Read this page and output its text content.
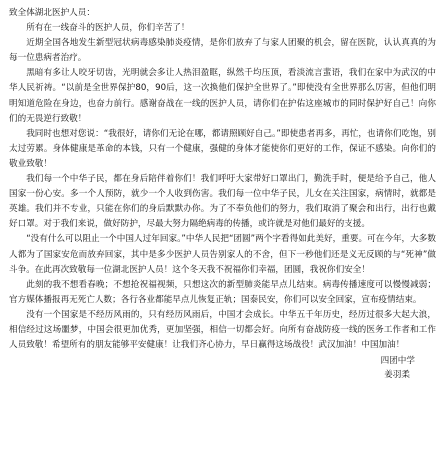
致全体湖北医护人员：

所有在一线奋斗的医护人员，你们辛苦了！

近期全国各地发生新型冠状病毒感染肺炎疫情，是你们放弃了与家人团聚的机会，留在医院，认认真真的为每一位患病者治疗。

黑暗有多让人咬牙切齿，光明就会多让人热泪盈眶，纵然千均压顶，看淡流言蜚语，我们在家中为武汉的中华人民祈祷。“以前是全世界保护80，90后，这一次换他们保护全世界了。”即使没有全世界那么厉害，但他们明明知道危险在身边，也奋力前行。感谢奋战在一线的医护人员，请你们在护佑这座城市的同时保护好自己！向你们的无畏逆行致敬！

我同时也想对您说：“我很好，请你们无论在哪，都请照顾好自己。”即使患者再多，再忙，也请你们吃饱，别太过劳累。身体健康是革命的本钱，只有一个健康，强健的身体才能使你们更好的工作，保证不感染。向你们的敬业致敬！

我们每一个中华子民，都在身后陪伴着你们！我们呼吁大家带好口罩出门，勤洗手时，便是给予自己，他人 国家一份心安。多一个人预防，就少一个人收到伤害。我们每一位中华子民，儿女在关注国家，病情时，就都是英雄。我们并不专业，只能在你们的身后默默办你。为了不奉负他们的努力，我们取消了聚会和出行，出行也戴好口罩。对于我们来说，做好防护，尽最大努力隔绝病毒的传播，或许就是对他们最好的支援。

“没有什么可以阻止一个中国人过年回家。”中华人民把“团圆”两个字看得如此美好，重要。可在今年，大多数人都为了国家安危而放弃回家，其中是多少医护人员告别家人的不舍，但下一秒他们还是义无反顾的与“死神”做斗争。在此再次致敬每一位湖北医护人员！这个冬天我不祝福你们幸福，团圆，我祝你们安全！

此刻的我不想看春晚；不想抢祝福视频，只想这次的新型肺炎能早点儿结束。病毒传播速度可以慢慢减弱；官方媒体播报再无死亡人数；各行各业都能早点儿恢复正轨；国泰民安，你们可以安全回家，宣布疫情结束。

没有一个国家是不经历风雨的，只有经历风雨后，中国才会成长。中华五千年历史，经历过很多大起大浪，相信经过这场噩梦，中国会很更加优秀，更加坚强，相信一切都会好。向所有奋战防疫一线的医务工作者和工作人员致敬！希望所有的朋友能够平安健康！让我们齐心协力，早日赢得这场战役！武汉加油！中国加油！

四团中学
姜羽柔
